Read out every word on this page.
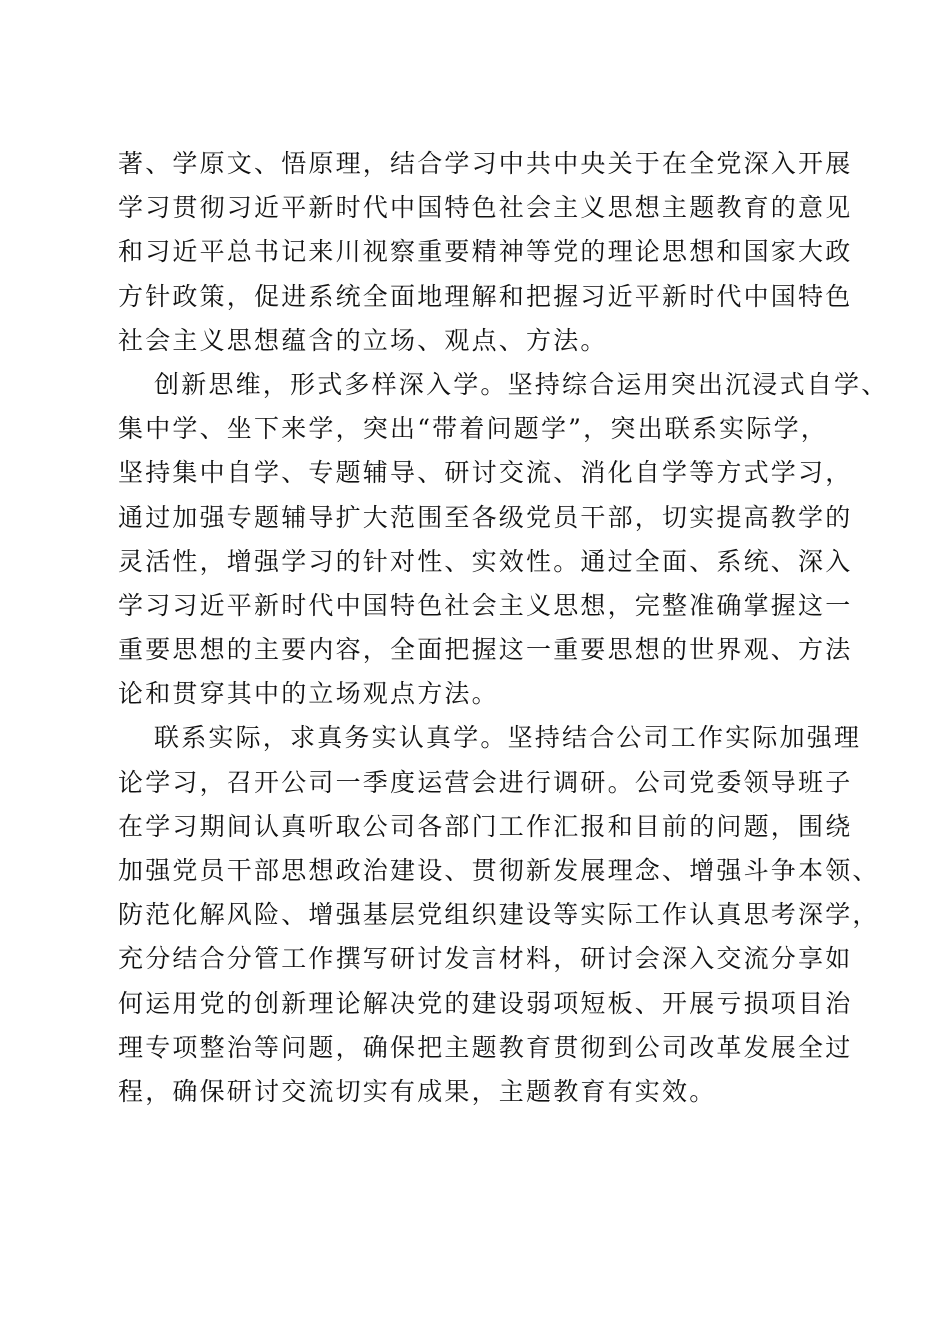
著、学原文、悟原理，结合学习中共中央关于在全党深入开展
学习贯彻习近平新时代中国特色社会主义思想主题教育的意见
和习近平总书记来川视察重要精神等党的理论思想和国家大政
方针政策，促进系统全面地理解和把握习近平新时代中国特色
社会主义思想蕴含的立场、观点、方法。
创新思维，形式多样深入学。坚持综合运用突出沉浸式自学、
集中学、坐下来学，突出“带着问题学”，突出联系实际学，
坚持集中自学、专题辅导、研讨交流、消化自学等方式学习，
通过加强专题辅导扩大范围至各级党员干部，切实提高教学的
灵活性，增强学习的针对性、实效性。通过全面、系统、深入
学习习近平新时代中国特色社会主义思想，完整准确掌握这一
重要思想的主要内容，全面把握这一重要思想的世界观、方法
论和贯穿其中的立场观点方法。
联系实际，求真务实认真学。坚持结合公司工作实际加强理
论学习，召开公司一季度运营会进行调研。公司党委领导班子
在学习期间认真听取公司各部门工作汇报和目前的问题，围绕
加强党员干部思想政治建设、贯彻新发展理念、增强斗争本领、
防范化解风险、增强基层党组织建设等实际工作认真思考深学，
充分结合分管工作撰写研讨发言材料，研讨会深入交流分享如
何运用党的创新理论解决党的建设弱项短板、开展亏损项目治
理专项整治等问题，确保把主题教育贯彻到公司改革发展全过
程，确保研讨交流切实有成果，主题教育有实效。
